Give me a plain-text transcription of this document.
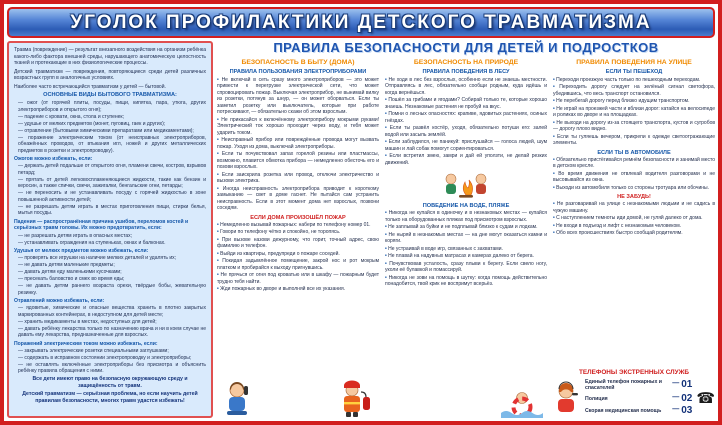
УГОЛОК ПРОФИЛАКТИКИ ДЕТСКОГО ТРАВМАТИЗМА

Травма (повреждение) — результат внезапного воздействия на организм ребёнка какого-либо фактора внешней среды, нарушающего анатомическую целостность тканей и протекающие в них физиологические процессы.

Детский травматизм — повреждения, повторяющиеся среди детей различных возрастных групп в аналогичных условиях.

Наиболее часто встречающийся травматизм у детей — бытовой.

ОСНОВНЫЕ ВИДЫ БЫТОВОГО ТРАВМАТИЗМА:
— ожог (от горячей плиты, посуды, пищи, кипятка, пара, утюга, других электроприборов и открытого огня);
— падение с кровати, окна, стола и ступенек;
— удушье от мелких предметов (монет, пуговиц, гаек и других);
— отравление (бытовыми химическими препаратами или медикаментами);
— поражение электрическим током (от неисправных электроприборов, обнажённых проводов, от втыкания игл, ножей и других металлических предметов в розетки и электропроводку).
Ожогов можно избежать, если:
— держать детей подальше от открытого огня, пламени свечи, костров, взрывов петард;
— прятать от детей легковоспламеняющиеся жидкости, такие как бензин и керосин, а также спички, свечи, зажигалки, бенгальские огни, петарды;
— не переносить и не устанавливать посуду с горячей жидкостью в зоне повышенной активности детей;
— не разрешать детям играть в местах приготовления пищи, стирки белья, мытья посуды.
Падения — распространённая причина ушибов, переломов костей и серьёзных травм головы. Их можно предотвратить, если:
— не разрешать детям играть в опасных местах;
— устанавливать ограждения на ступеньках, окнах и балконах.
Удушья от мелких предметов можно избежать, если:
— проверять все игрушки на наличие мелких деталей и удалять их;
— не давать детям маленькие предметы;
— давать детям еду маленькими кусочками;
— пресекать баловство и смех во время еды;
— не давать детям раннего возраста орехи, твёрдые бобы, жевательную резинку.
Отравлений можно избежать, если:
— ядовитые, химические и опасные вещества хранить в плотно закрытых маркированных контейнерах, в недоступном для детей месте;
— хранить медикаменты в местах, недоступных для детей;
— давать ребёнку лекарства только по назначению врача и ни в коем случае не давать ему лекарства, предназначенные для взрослых.
Поражений электрическим током можно избежать, если:
— закрывать электрические розетки специальными заглушками;
— содержать в исправном состоянии электропроводку и электроприборы;
— не оставлять включённые электроприборы без присмотра и объяснить ребёнку правила обращения с ними.

Все дети имеют право на безопасную окружающую среду и защищённость от травм.

Детский травматизм — серьёзная проблема, но если научить детей правилам безопасности, многих травм удастся избежать!

ПРАВИЛА БЕЗОПАСНОСТИ ДЛЯ ДЕТЕЙ И ПОДРОСТКОВ
БЕЗОПАСНОСТЬ В БЫТУ (ДОМА)
ПРАВИЛА ПОЛЬЗОВАНИЯ ЭЛЕКТРОПРИБОРАМИ
• Не включай в сеть сразу много электроприборов — это может привести к перегрузке электрической сети, что может спровоцировать пожар. Выключая электроприбор, не вынимай вилку из розетки, потянув за шнур, — он может оборваться. Если ты заметил розетку или выключатель, которые при работе потрескивают, — обязательно скажи об этом взрослым.
• Не прикасайся к включённому электроприбору мокрыми руками! Электрический ток хорошо проходит через воду, и тебя может ударить током.
• Неисправный прибор или повреждённые провода могут вызвать пожар. Уходя из дома, выключай электроприборы.
• Если ты почувствовал запах горелой резины или пластмассы, возможно, плавится обмотка прибора — немедленно обесточь его и позови взрослых.
• Если заискрила розетка или провод, отключи электричество и вызови электрика.
• Иногда неисправность электроприбора приводит к короткому замыканию — свет в доме гаснет. Не пытайся сам устранить неисправность. Если в этот момент дома нет взрослых, позвони соседям.
ЕСЛИ ДОМА ПРОИЗОШЁЛ ПОЖАР
• Немедленно вызывай пожарных: набери по телефону номер 01.
• Говори по телефону чётко и спокойно, не торопясь.
• При вызове назови дежурному, что горит, точный адрес, свою фамилию и телефон.
• Выйди из квартиры, предупреди о пожаре соседей.
• Покидая задымлённое помещение, закрой нос и рот мокрым платком и пробирайся к выходу пригнувшись.
• Не прячься от огня под кроватью или в шкафу — пожарным будет трудно тебя найти.
• Жди пожарных во дворе и выполняй все их указания.
БЕЗОПАСНОСТЬ НА ПРИРОДЕ
ПРАВИЛА ПОВЕДЕНИЯ В ЛЕСУ
• Не ходи в лес без взрослых, особенно если не знаешь местности. Отправляясь в лес, обязательно сообщи родным, куда идёшь и когда вернёшься.
• Пошёл за грибами и ягодами? Собирай только те, которые хорошо знаешь. Незнакомые растения не пробуй на вкус.
• Помни о лесных опасностях: крапиве, ядовитых растениях, осиных гнёздах.
• Если ты развёл костёр, уходя, обязательно потуши его: залей водой или засыпь землёй.
• Если заблудился, не паникуй: прислушайся — голоса людей, шум машин и лай собак помогут сориентироваться.
• Если встретил змею, замри и дай ей уползти, не делай резких движений.
ПОВЕДЕНИЕ НА ВОДЕ, ПЛЯЖЕ
• Никогда не купайся в одиночку и в незнакомых местах — купайся только на оборудованных пляжах под присмотром взрослых.
• Не заплывай за буйки и не подплывай близко к судам и лодкам.
• Не ныряй в незнакомых местах — на дне могут оказаться камни и коряги.
• Не устраивай в воде игр, связанных с захватами.
• Не плавай на надувных матрасах и камерах далеко от берега.
• Почувствовав усталость, сразу плыви к берегу. Если свело ногу, уколи её булавкой и помассируй.
• Никогда не зови на помощь в шутку: когда помощь действительно понадобится, твой крик не воспримут всерьёз.
ПРАВИЛА ПОВЕДЕНИЯ НА УЛИЦЕ
ЕСЛИ ТЫ ПЕШЕХОД
• Переходи проезжую часть только по пешеходным переходам.
• Переходить дорогу следует на зелёный сигнал светофора, убедившись, что весь транспорт остановился.
• Не перебегай дорогу перед близко идущим транспортом.
• Не играй на проезжей части и вблизи дорог: катайся на велосипеде и роликах во дворе и на площадках.
• Не выходи на дорогу из-за стоящего транспорта, кустов и сугробов — дорогу плохо видно.
• Если ты гуляешь вечером, прикрепи к одежде светоотражающие элементы.
ЕСЛИ ТЫ В АВТОМОБИЛЕ
• Обязательно пристёгивайся ремнём безопасности и занимай место в детском кресле.
• Во время движения не отвлекай водителя разговорами и не высовывайся из окна.
• Выходи из автомобиля только со стороны тротуара или обочины.
НЕ ЗАБУДЬ!
• Не разговаривай на улице с незнакомыми людьми и не садись в чужую машину.
• С наступлением темноты иди домой, не гуляй далеко от дома.
• Не входи в подъезд и лифт с незнакомым человеком.
• Обо всех происшествиях быстро сообщай родителям.
ТЕЛЕФОНЫ ЭКСТРЕННЫХ СЛУЖБ
Единый телефон пожарных и спасателей	— 01
Полиция	— 02
Скорая медицинская помощь	— 03
☎
